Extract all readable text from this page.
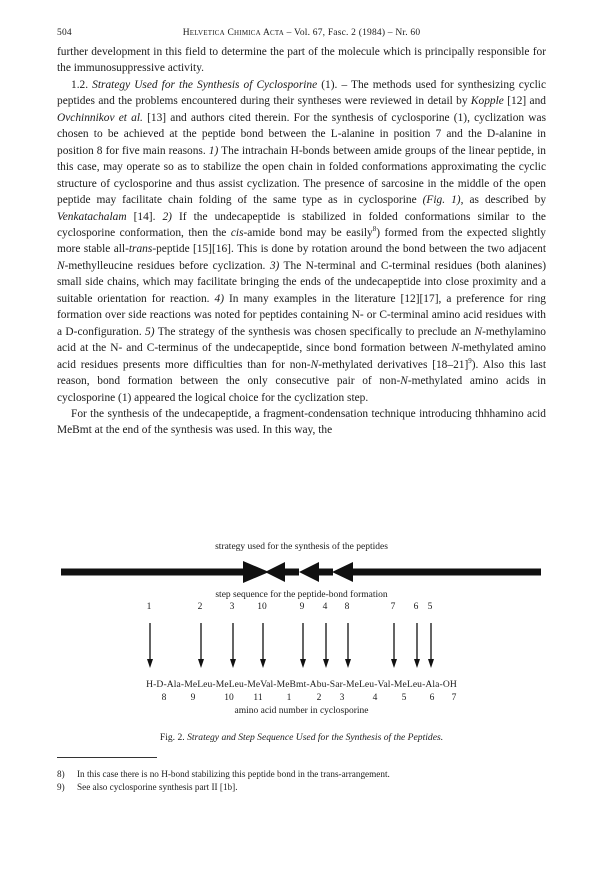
504	Helvetica Chimica Acta – Vol. 67, Fasc. 2 (1984) – Nr. 60

further development in this field to determine the part of the molecule which is principally responsible for the immunosuppressive activity.

1.2. Strategy Used for the Synthesis of Cyclosporine (1). – The methods used for synthesizing cyclic peptides and the problems encountered during their syntheses were reviewed in detail by Kopple [12] and Ovchinnikov et al. [13] and authors cited therein. For the synthesis of cyclosporine (1), cyclization was chosen to be achieved at the peptide bond between the L-alanine in position 7 and the D-alanine in position 8 for five main reasons. 1) The intrachain H-bonds between amide groups of the linear peptide, in this case, may operate so as to stabilize the open chain in folded conformations approximating the cyclic structure of cyclosporine and thus assist cyclization. The presence of sarcosine in the middle of the open peptide may facilitate chain folding of the same type as in cyclosporine (Fig. 1), as described by Venkatachalam [14]. 2) If the undecapeptide is stabilized in folded conformations similar to the cyclosporine conformation, then the cis-amide bond may be easily$^8$) formed from the expected slightly more stable all-trans-peptide [15][16]. This is done by rotation around the bond between the two adjacent N-methylleucine residues before cyclization. 3) The N-terminal and C-terminal residues (both alanines) small side chains, which may facilitate bringing the ends of the undecapeptide into close proximity and a suitable orientation for reaction. 4) In many examples in the literature [12][17], a preference for ring formation over side reactions was noted for peptides containing N- or C-terminal amino acid residues with a D-configuration. 5) The strategy of the synthesis was chosen specifically to preclude an N-methylamino acid at the N- and C-terminus of the undecapeptide, since bond formation between N-methylated amino acid residues presents more difficulties than for non-N-methylated derivatives $[18-21]^9$). Also this last reason, bond formation between the only consecutive pair of non-N-methylated amino acids in cyclosporine (1) appeared the logical choice for the cyclization step.

For the synthesis of the undecapeptide, a fragment-condensation technique introducing thhhamino acid MeBmt at the end of the synthesis was used. In this way, the

strategy used for the synthesis of the peptides
step sequence for the peptide-bond formation
1	2	3	10	9	4	8	7	6 5
H-D-Ala-MeLeu-MeLeu-MeVal-MeBmt-Abu-Sar-MeLeu-Val-MeLeu-Ala-OH
8	9	10	11	1	2	3	4	5	6	7
amino acid number in cyclosporine
Fig. 2. Strategy and Step Sequence Used for the Synthesis of the Peptides.
8)	In this case there is no H-bond stabilizing this peptide bond in the trans-arrangement.
9)	See also cyclosporine synthesis part II [1b].
